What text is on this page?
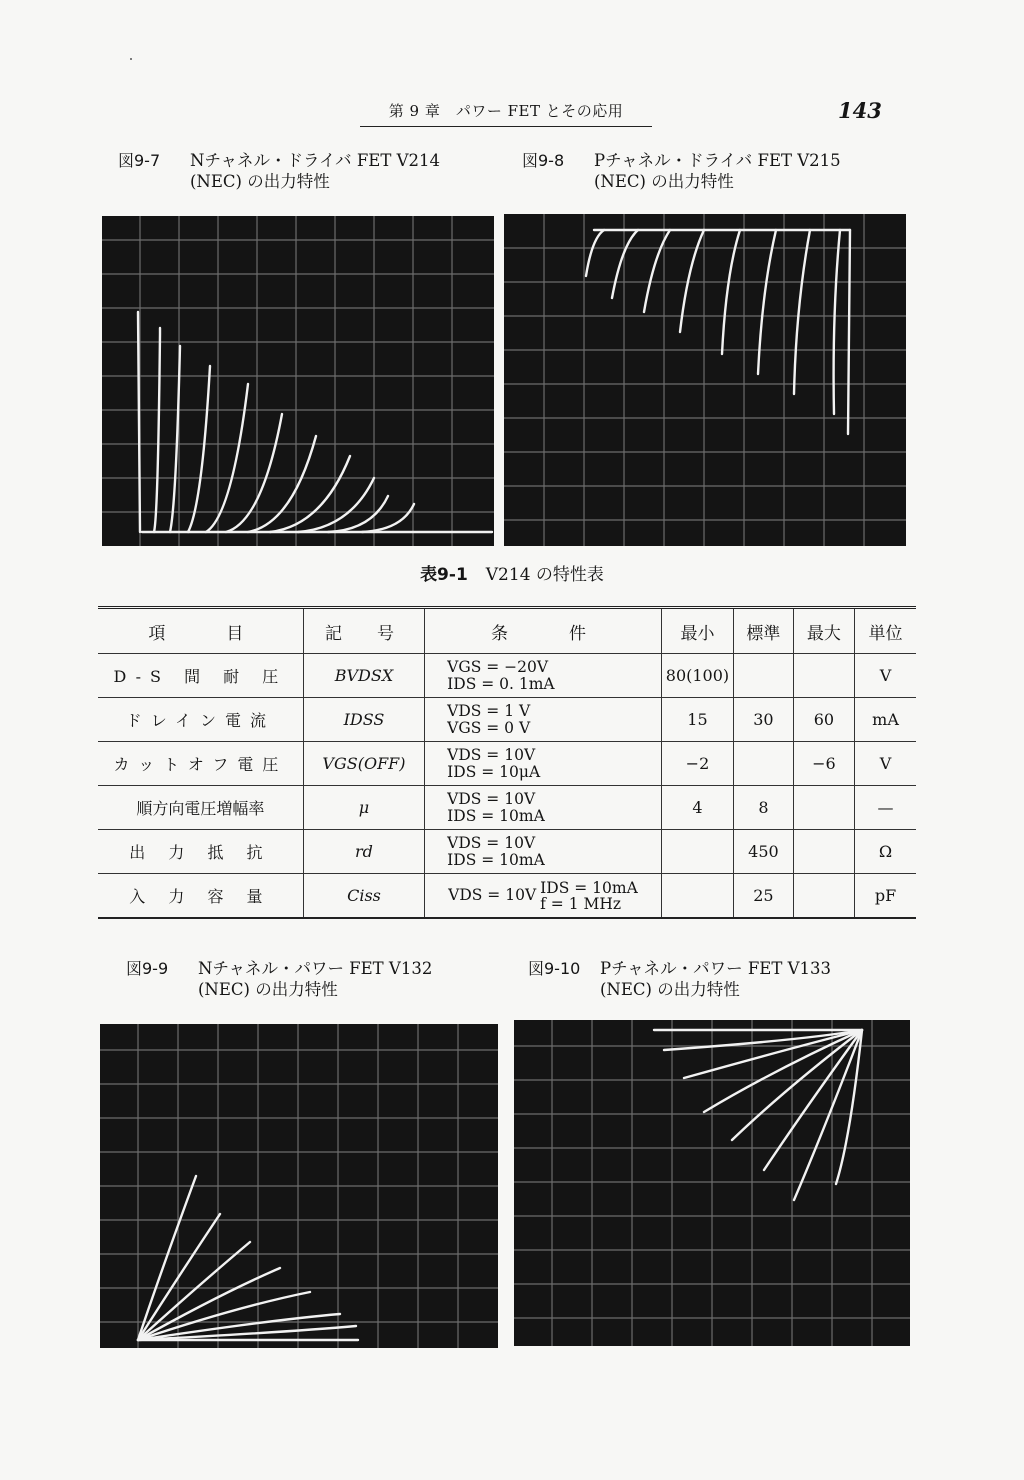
第 9 章　パワー FET とその応用	143
図9-7 Nチャネル・ドライバ FET V214
(NEC) の出力特性
図9-8 Pチャネル・ドライバ FET V215
(NEC) の出力特性
表9-1 V214 の特性表
項　　目	記　号	条　　件	最小	標準	最大	単位
D-S 間 耐 圧	BVDSX	VGS = −20V
IDS = 0. 1mA	80(100)			V
ドレイン電流	IDSS	VDS = 1 V
VGS = 0 V	15	30	60	mA
カットオフ電圧	VGS(OFF)	VDS = 10V
IDS = 10μA	−2		−6	V
順方向電圧増幅率	μ	VDS = 10V
IDS = 10mA	4	8		—
出 力 抵 抗	rd	VDS = 10V
IDS = 10mA		450		Ω
入 力 容 量	Ciss	VDS = 10V IDS = 10mA
f = 1 MHz		25		pF
図9-9 Nチャネル・パワー FET V132
(NEC) の出力特性
図9-10 Pチャネル・パワー FET V133
(NEC) の出力特性
